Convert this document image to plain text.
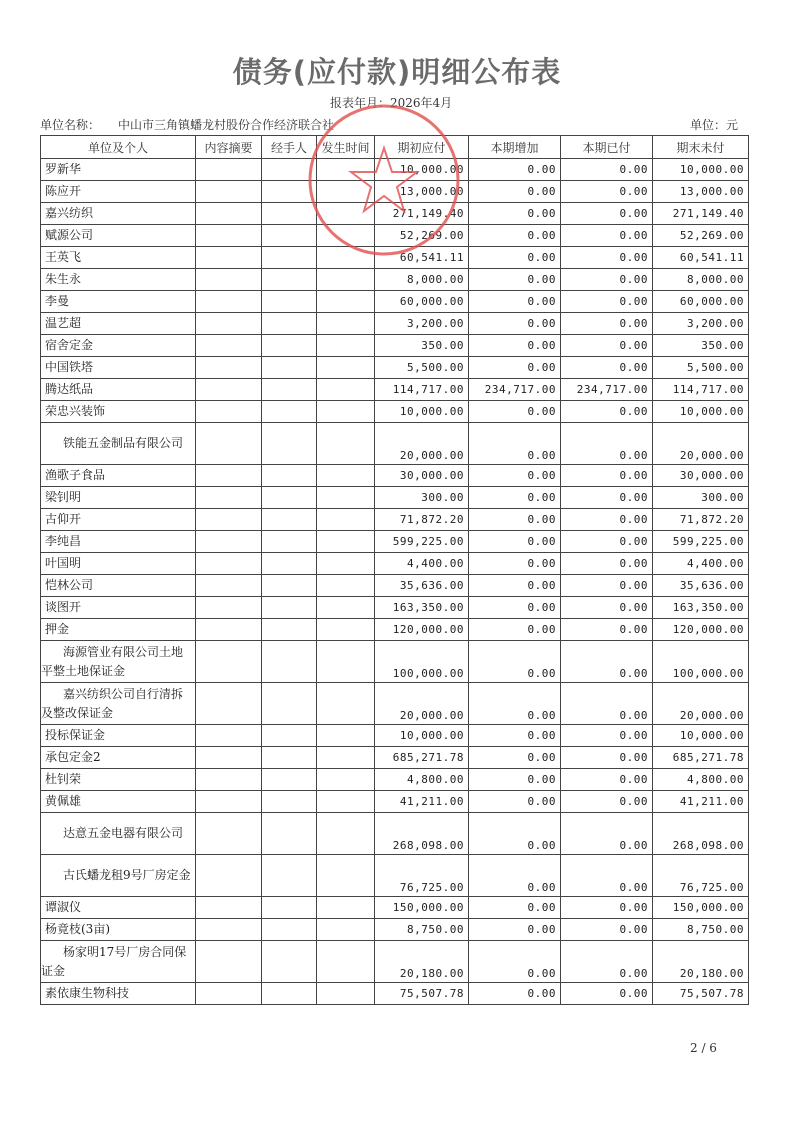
债务(应付款)明细公布表
报表年月：2026年4月
单位名称： 中山市三角镇蟠龙村股份合作经济联合社	单位：元
单位及个人	内容摘要	经手人	发生时间	期初应付	本期增加	本期已付	期末未付
罗新华				10,000.00	0.00	0.00	10,000.00
陈应开				13,000.00	0.00	0.00	13,000.00
嘉兴纺织				271,149.40	0.00	0.00	271,149.40
赋源公司				52,269.00	0.00	0.00	52,269.00
王英飞				60,541.11	0.00	0.00	60,541.11
朱生永				8,000.00	0.00	0.00	8,000.00
李曼				60,000.00	0.00	0.00	60,000.00
温艺超				3,200.00	0.00	0.00	3,200.00
宿舍定金				350.00	0.00	0.00	350.00
中国铁塔				5,500.00	0.00	0.00	5,500.00
腾达纸品				114,717.00	234,717.00	234,717.00	114,717.00
荣忠兴装饰				10,000.00	0.00	0.00	10,000.00
铁能五金制品有限公司				20,000.00	0.00	0.00	20,000.00
渔歌子食品				30,000.00	0.00	0.00	30,000.00
梁钊明				300.00	0.00	0.00	300.00
古仰开				71,872.20	0.00	0.00	71,872.20
李纯昌				599,225.00	0.00	0.00	599,225.00
叶国明				4,400.00	0.00	0.00	4,400.00
恺林公司				35,636.00	0.00	0.00	35,636.00
谈图开				163,350.00	0.00	0.00	163,350.00
押金				120,000.00	0.00	0.00	120,000.00
海源管业有限公司土地平整土地保证金				100,000.00	0.00	0.00	100,000.00
嘉兴纺织公司自行清拆及整改保证金				20,000.00	0.00	0.00	20,000.00
投标保证金				10,000.00	0.00	0.00	10,000.00
承包定金2				685,271.78	0.00	0.00	685,271.78
杜钊荣				4,800.00	0.00	0.00	4,800.00
黄佩雄				41,211.00	0.00	0.00	41,211.00
达意五金电器有限公司				268,098.00	0.00	0.00	268,098.00
古氏蟠龙租9号厂房定金				76,725.00	0.00	0.00	76,725.00
谭淑仪				150,000.00	0.00	0.00	150,000.00
杨竟枝(3亩)				8,750.00	0.00	0.00	8,750.00
杨家明17号厂房合同保证金				20,180.00	0.00	0.00	20,180.00
素依康生物科技				75,507.78	0.00	0.00	75,507.78
2 / 6
